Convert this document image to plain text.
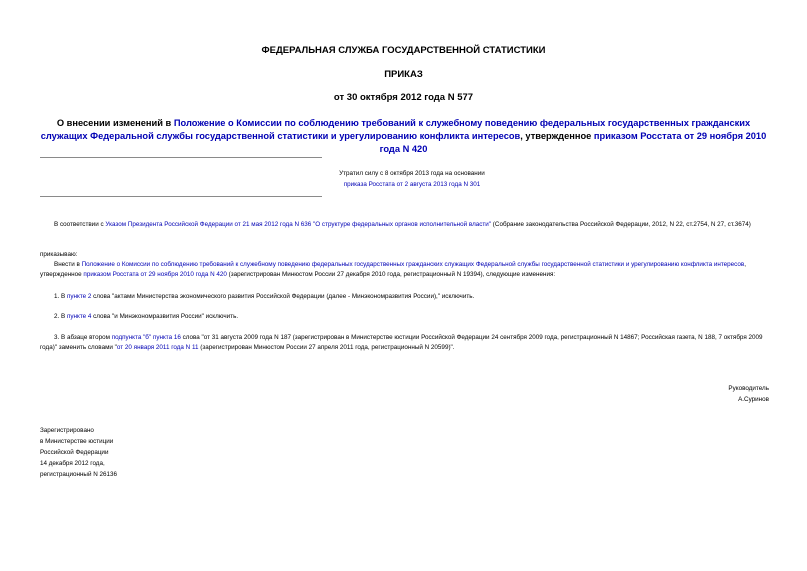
ФЕДЕРАЛЬНАЯ СЛУЖБА ГОСУДАРСТВЕННОЙ СТАТИСТИКИ
ПРИКАЗ
от 30 октября 2012 года N 577
О внесении изменений в Положение о Комиссии по соблюдению требований к служебному поведению федеральных государственных гражданских служащих Федеральной службы государственной статистики и урегулированию конфликта интересов, утвержденное приказом Росстата от 29 ноября 2010 года N 420
Утратил силу с 8 октября 2013 года на основании
приказа Росстата от 2 августа 2013 года N 301
В соответствии с Указом Президента Российской Федерации от 21 мая 2012 года N 636 "О структуре федеральных органов исполнительной власти" (Собрание законодательства Российской Федерации, 2012, N 22, ст.2754, N 27, ст.3674)
приказываю:
Внести в Положение о Комиссии по соблюдению требований к служебному поведению федеральных государственных гражданских служащих Федеральной службы государственной статистики и урегулированию конфликта интересов, утвержденное приказом Росстата от 29 ноября 2010 года N 420 (зарегистрирован Минюстом России 27 декабря 2010 года, регистрационный N 19394), следующие изменения:
1. В пункте 2 слова "актами Министерства экономического развития Российской Федерации (далее - Минэкономразвития России)," исключить.
2. В пункте 4 слова "и Минэкономразвития России" исключить.
3. В абзаце втором подпункта "б" пункта 16 слова "от 31 августа 2009 года N 187 (зарегистрирован в Министерстве юстиции Российской Федерации 24 сентября 2009 года, регистрационный N 14867; Российская газета, N 188, 7 октября 2009 года)" заменить словами "от 20 января 2011 года N 11 (зарегистрирован Минюстом России 27 апреля 2011 года, регистрационный N 20599)".
Руководитель
А.Суринов
Зарегистрировано
в Министерстве юстиции
Российской Федерации
14 декабря 2012 года,
регистрационный N 26136
